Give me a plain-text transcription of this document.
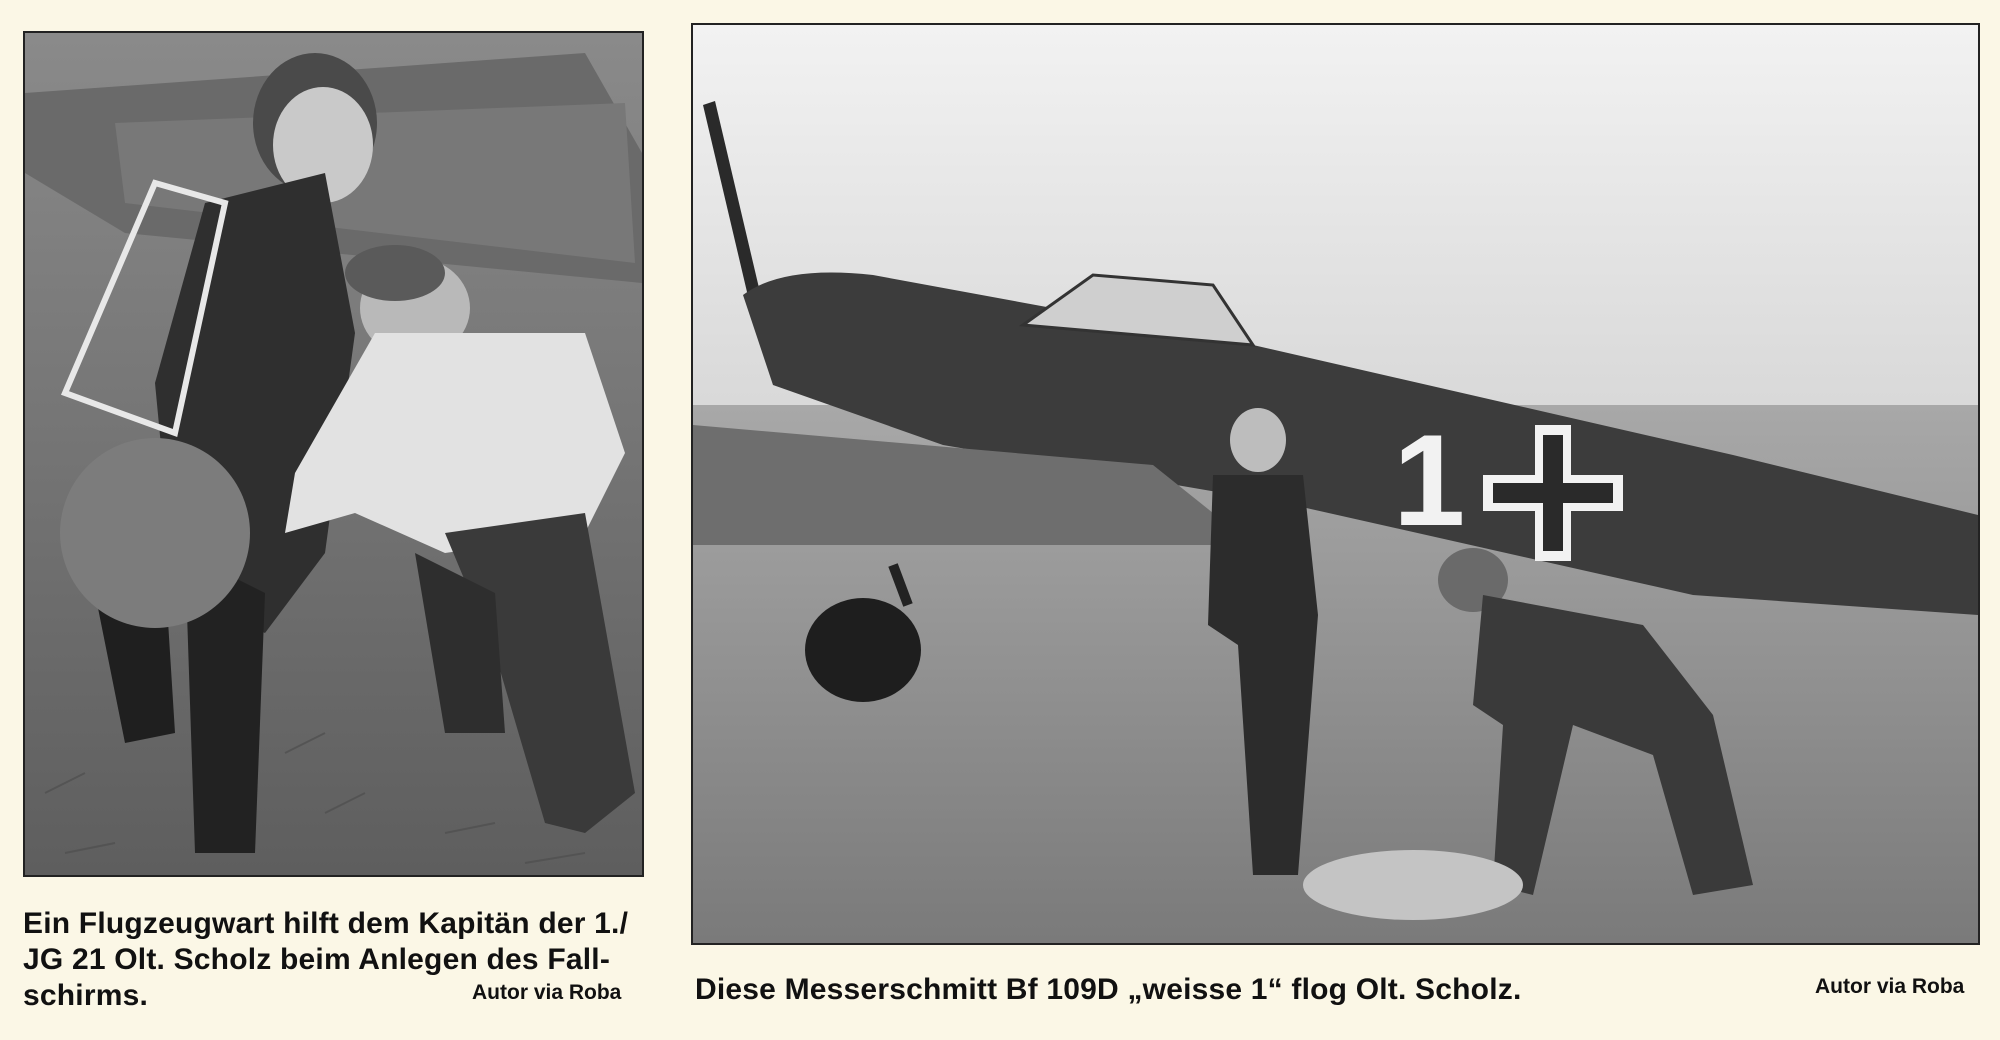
1
Ein Flugzeugwart hilft dem Kapitän der 1./
JG 21 Olt. Scholz beim Anlegen des Fall-
schirms.	Autor via Roba Diese Messerschmitt Bf 109D „weisse 1“ flog Olt. Scholz.	Autor via Roba
